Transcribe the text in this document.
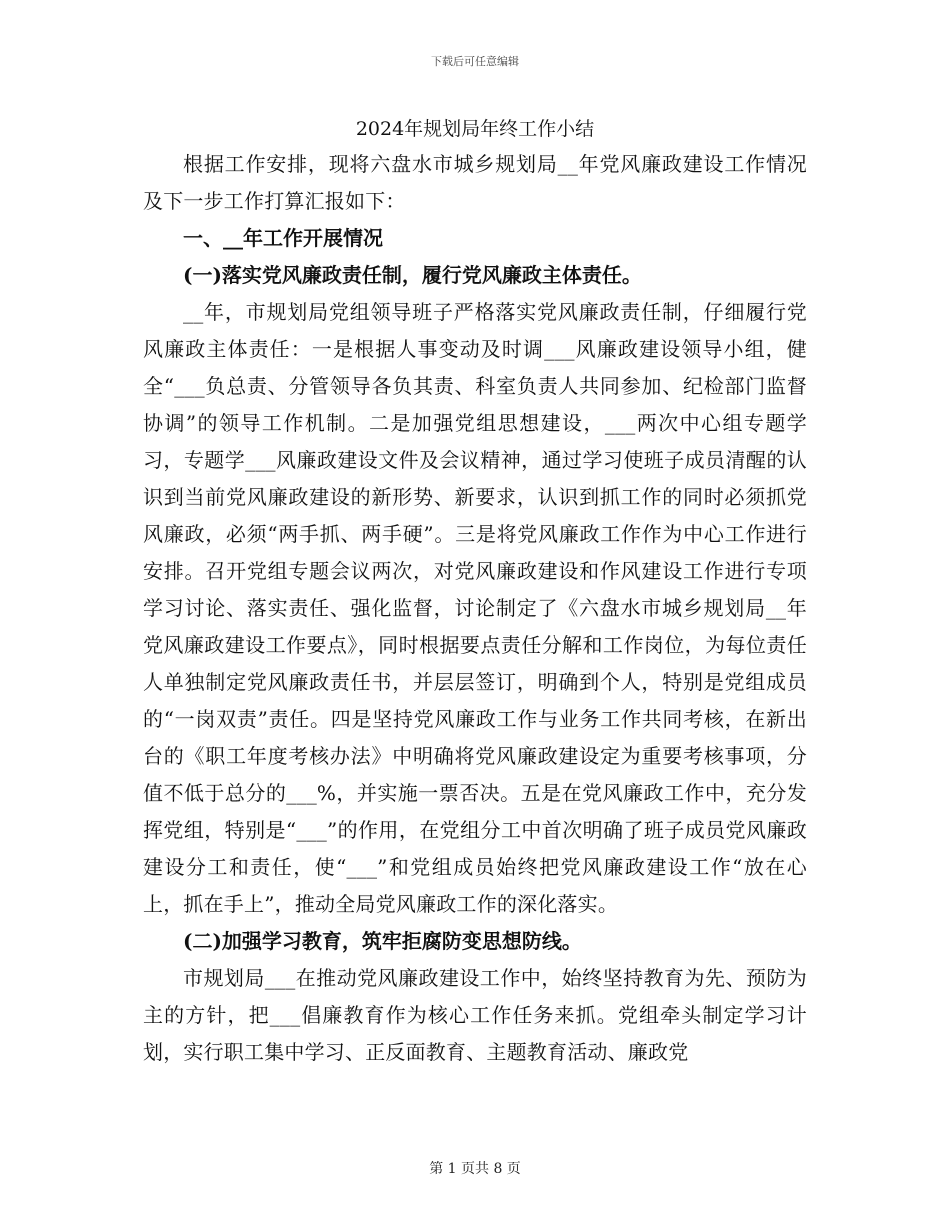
下载后可任意编辑
2024年规划局年终工作小结

根据工作安排，现将六盘水市城乡规划局__年党风廉政建设工作情况及下一步工作打算汇报如下：

一、__年工作开展情况

(一)落实党风廉政责任制，履行党风廉政主体责任。

__年，市规划局党组领导班子严格落实党风廉政责任制，仔细履行党风廉政主体责任：一是根据人事变动及时调___风廉政建设领导小组，健全“___负总责、分管领导各负其责、科室负责人共同参加、纪检部门监督协调”的领导工作机制。二是加强党组思想建设，___两次中心组专题学习，专题学___风廉政建设文件及会议精神，通过学习使班子成员清醒的认识到当前党风廉政建设的新形势、新要求，认识到抓工作的同时必须抓党风廉政，必须“两手抓、两手硬”。三是将党风廉政工作作为中心工作进行安排。召开党组专题会议两次，对党风廉政建设和作风建设工作进行专项学习讨论、落实责任、强化监督，讨论制定了《六盘水市城乡规划局__年党风廉政建设工作要点》，同时根据要点责任分解和工作岗位，为每位责任人单独制定党风廉政责任书，并层层签订，明确到个人，特别是党组成员的“一岗双责”责任。四是坚持党风廉政工作与业务工作共同考核，在新出台的《职工年度考核办法》中明确将党风廉政建设定为重要考核事项，分值不低于总分的___%，并实施一票否决。五是在党风廉政工作中，充分发挥党组，特别是“___”的作用，在党组分工中首次明确了班子成员党风廉政建设分工和责任，使“___”和党组成员始终把党风廉政建设工作“放在心上，抓在手上”，推动全局党风廉政工作的深化落实。

(二)加强学习教育，筑牢拒腐防变思想防线。

市规划局___在推动党风廉政建设工作中，始终坚持教育为先、预防为主的方针，把___倡廉教育作为核心工作任务来抓。党组牵头制定学习计划，实行职工集中学习、正反面教育、主题教育活动、廉政党

第 1 页共 8 页
